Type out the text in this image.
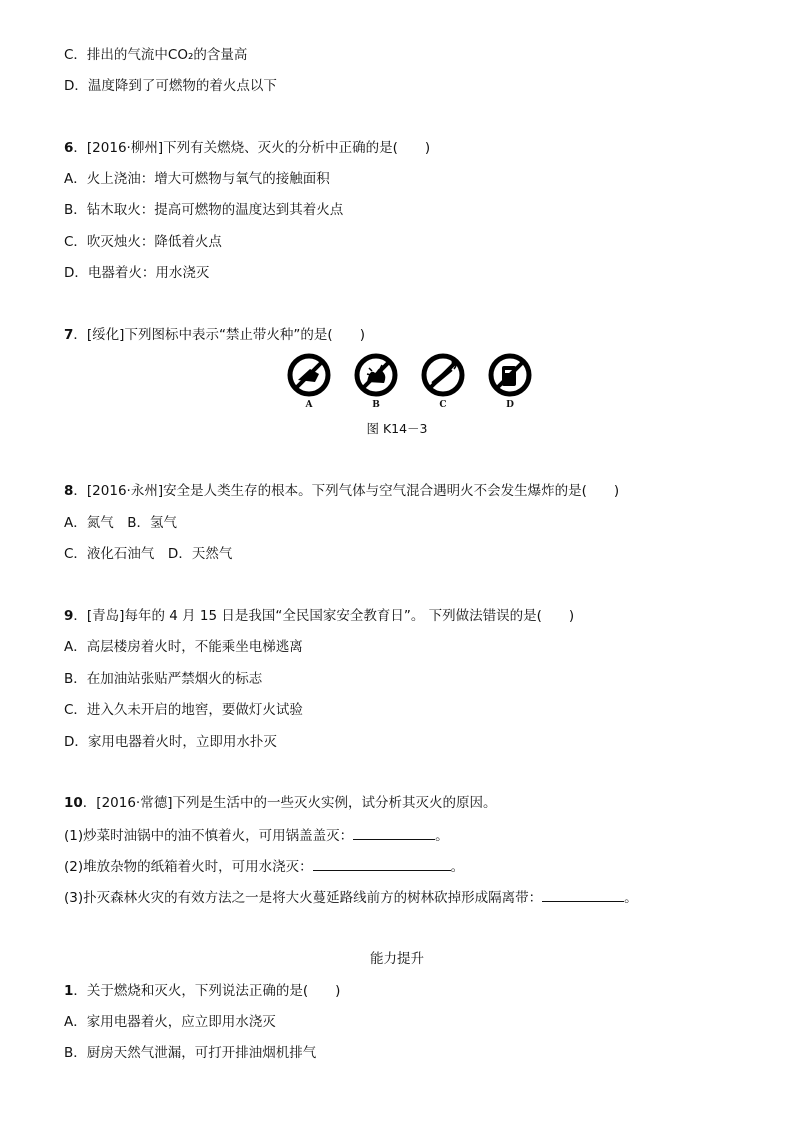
C．排出的气流中CO₂的含量高
D．温度降到了可燃物的着火点以下
6．[2016·柳州]下列有关燃烧、灭火的分析中正确的是(　　)
A．火上浇油：增大可燃物与氧气的接触面积
B．钻木取火：提高可燃物的温度达到其着火点
C．吹灭烛火：降低着火点
D．电器着火：用水浇灭
7．[绥化]下列图标中表示“禁止带火种”的是(　　)
A	B	C	D
图 K14－3
8．[2016·永州]安全是人类生存的根本。下列气体与空气混合遇明火不会发生爆炸的是(　　)
A．氮气　B．氢气
C．液化石油气　D．天然气
9．[青岛]每年的 4 月 15 日是我国“全民国家安全教育日”。 下列做法错误的是(　　)
A．高层楼房着火时，不能乘坐电梯逃离
B．在加油站张贴严禁烟火的标志
C．进入久未开启的地窖，要做灯火试验
D．家用电器着火时，立即用水扑灭
10．[2016·常德]下列是生活中的一些灭火实例，试分析其灭火的原因。
(1)炒菜时油锅中的油不慎着火，可用锅盖盖灭：	。
(2)堆放杂物的纸箱着火时，可用水浇灭：	。
(3)扑灭森林火灾的有效方法之一是将大火蔓延路线前方的树林砍掉形成隔离带：	。
能力提升
1．关于燃烧和灭火，下列说法正确的是(　　)
A．家用电器着火，应立即用水浇灭
B．厨房天然气泄漏，可打开排油烟机排气
